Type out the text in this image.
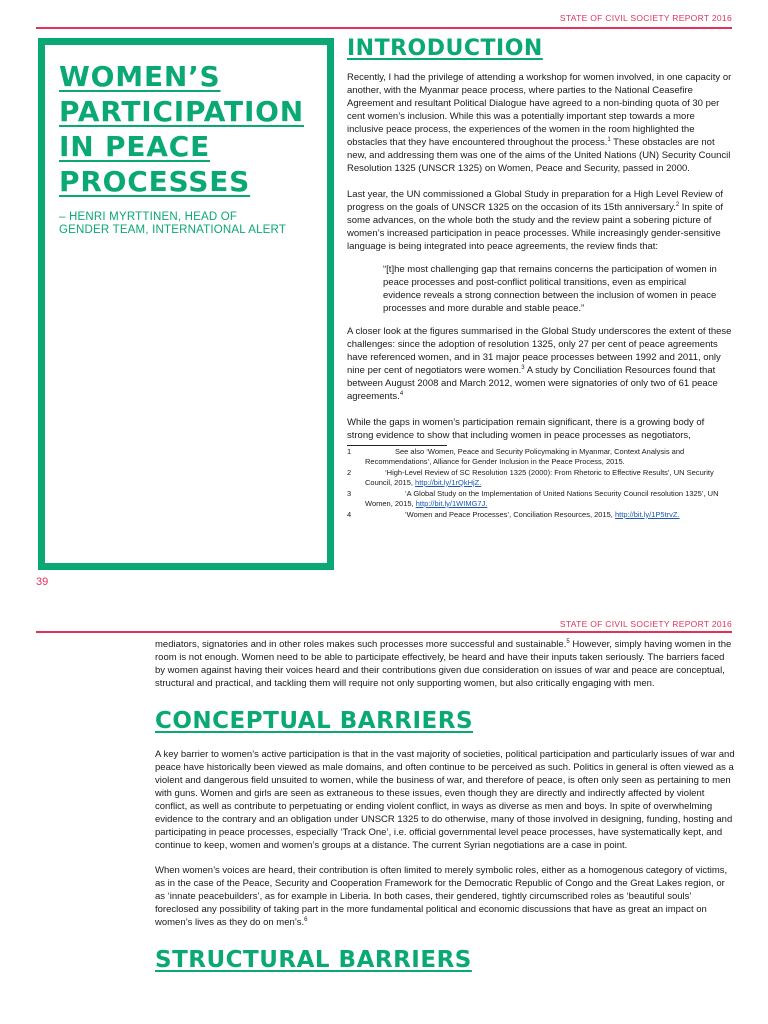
STATE OF CIVIL SOCIETY REPORT 2016
WOMEN’S
PARTICIPATION
IN PEACE
PROCESSES
– HENRI MYRTTINEN, HEAD OF GENDER TEAM, INTERNATIONAL ALERT
INTRODUCTION

Recently, I had the privilege of attending a workshop for women involved, in one capacity or another, with the Myanmar peace process, where parties to the National Ceasefire Agreement and resultant Political Dialogue have agreed to a non-binding quota of 30 per cent women’s inclusion. While this was a potentially important step towards a more inclusive peace process, the experiences of the women in the room highlighted the obstacles that they have encountered throughout the process.$^1$ These obstacles are not new, and addressing them was one of the aims of the United Nations (UN) Security Council Resolution 1325 (UNSCR 1325) on Women, Peace and Security, passed in 2000.

Last year, the UN commissioned a Global Study in preparation for a High Level Review of progress on the goals of UNSCR 1325 on the occasion of its 15th anniversary.$^2$ In spite of some advances, on the whole both the study and the review paint a sobering picture of women’s increased participation in peace processes. While increasingly gender-sensitive language is being integrated into peace agreements, the review finds that:

“[t]he most challenging gap that remains concerns the participation of women in peace processes and post-conflict political transitions, even as empirical evidence reveals a strong connection between the inclusion of women in peace processes and more durable and stable peace.”

A closer look at the figures summarised in the Global Study underscores the extent of these challenges: since the adoption of resolution 1325, only 27 per cent of peace agreements have referenced women, and in 31 major peace processes between 1992 and 2011, only nine per cent of negotiators were women.$^3$ A study by Conciliation Resources found that between August 2008 and March 2012, women were signatories of only two of 61 peace agreements.$^4$

While the gaps in women’s participation remain significant, there is a growing body of strong evidence to show that including women in peace processes as negotiators,

1	See also ‘Women, Peace and Security Policymaking in Myanmar, Context Analysis and Recommendations’, Alliance for Gender Inclusion in the Peace Process, 2015.
2	‘High-Level Review of SC Resolution 1325 (2000): From Rhetoric to Effective Results’, UN Security Council, 2015, http://bit.ly/1rQkHjZ.
3	‘A Global Study on the Implementation of United Nations Security Council resolution 1325’, UN Women, 2015, http://bit.ly/1WIMG7J.
4	‘Women and Peace Processes’, Conciliation Resources, 2015, http://bit.ly/1P5trvZ.
39
STATE OF CIVIL SOCIETY REPORT 2016

mediators, signatories and in other roles makes such processes more successful and sustainable.$^5$ However, simply having women in the room is not enough. Women need to be able to participate effectively, be heard and have their inputs taken seriously. The barriers faced by women against having their voices heard and their contributions given due consideration on issues of war and peace are conceptual, structural and practical, and tackling them will require not only supporting women, but also critically engaging with men.

CONCEPTUAL BARRIERS

A key barrier to women’s active participation is that in the vast majority of societies, political participation and particularly issues of war and peace have historically been viewed as male domains, and often continue to be perceived as such. Politics in general is often viewed as a violent and dangerous field unsuited to women, while the business of war, and therefore of peace, is often only seen as pertaining to men with guns. Women and girls are seen as extraneous to these issues, even though they are directly and indirectly affected by violent conflict, as well as contribute to perpetuating or ending violent conflict, in ways as diverse as men and boys. In spite of overwhelming evidence to the contrary and an obligation under UNSCR 1325 to do otherwise, many of those involved in designing, funding, hosting and participating in peace processes, especially ‘Track One’, i.e. official governmental level peace processes, have systematically kept, and continue to keep, women and women’s groups at a distance. The current Syrian negotiations are a case in point.

When women’s voices are heard, their contribution is often limited to merely symbolic roles, either as a homogenous category of victims, as in the case of the Peace, Security and Cooperation Framework for the Democratic Republic of Congo and the Great Lakes region, or as ‘innate peacebuilders’, as for example in Liberia. In both cases, their gendered, tightly circumscribed roles as ‘beautiful souls’ foreclosed any possibility of taking part in the more fundamental political and economic discussions that have as great an impact on women’s lives as they do on men’s.$^6$

STRUCTURAL BARRIERS
